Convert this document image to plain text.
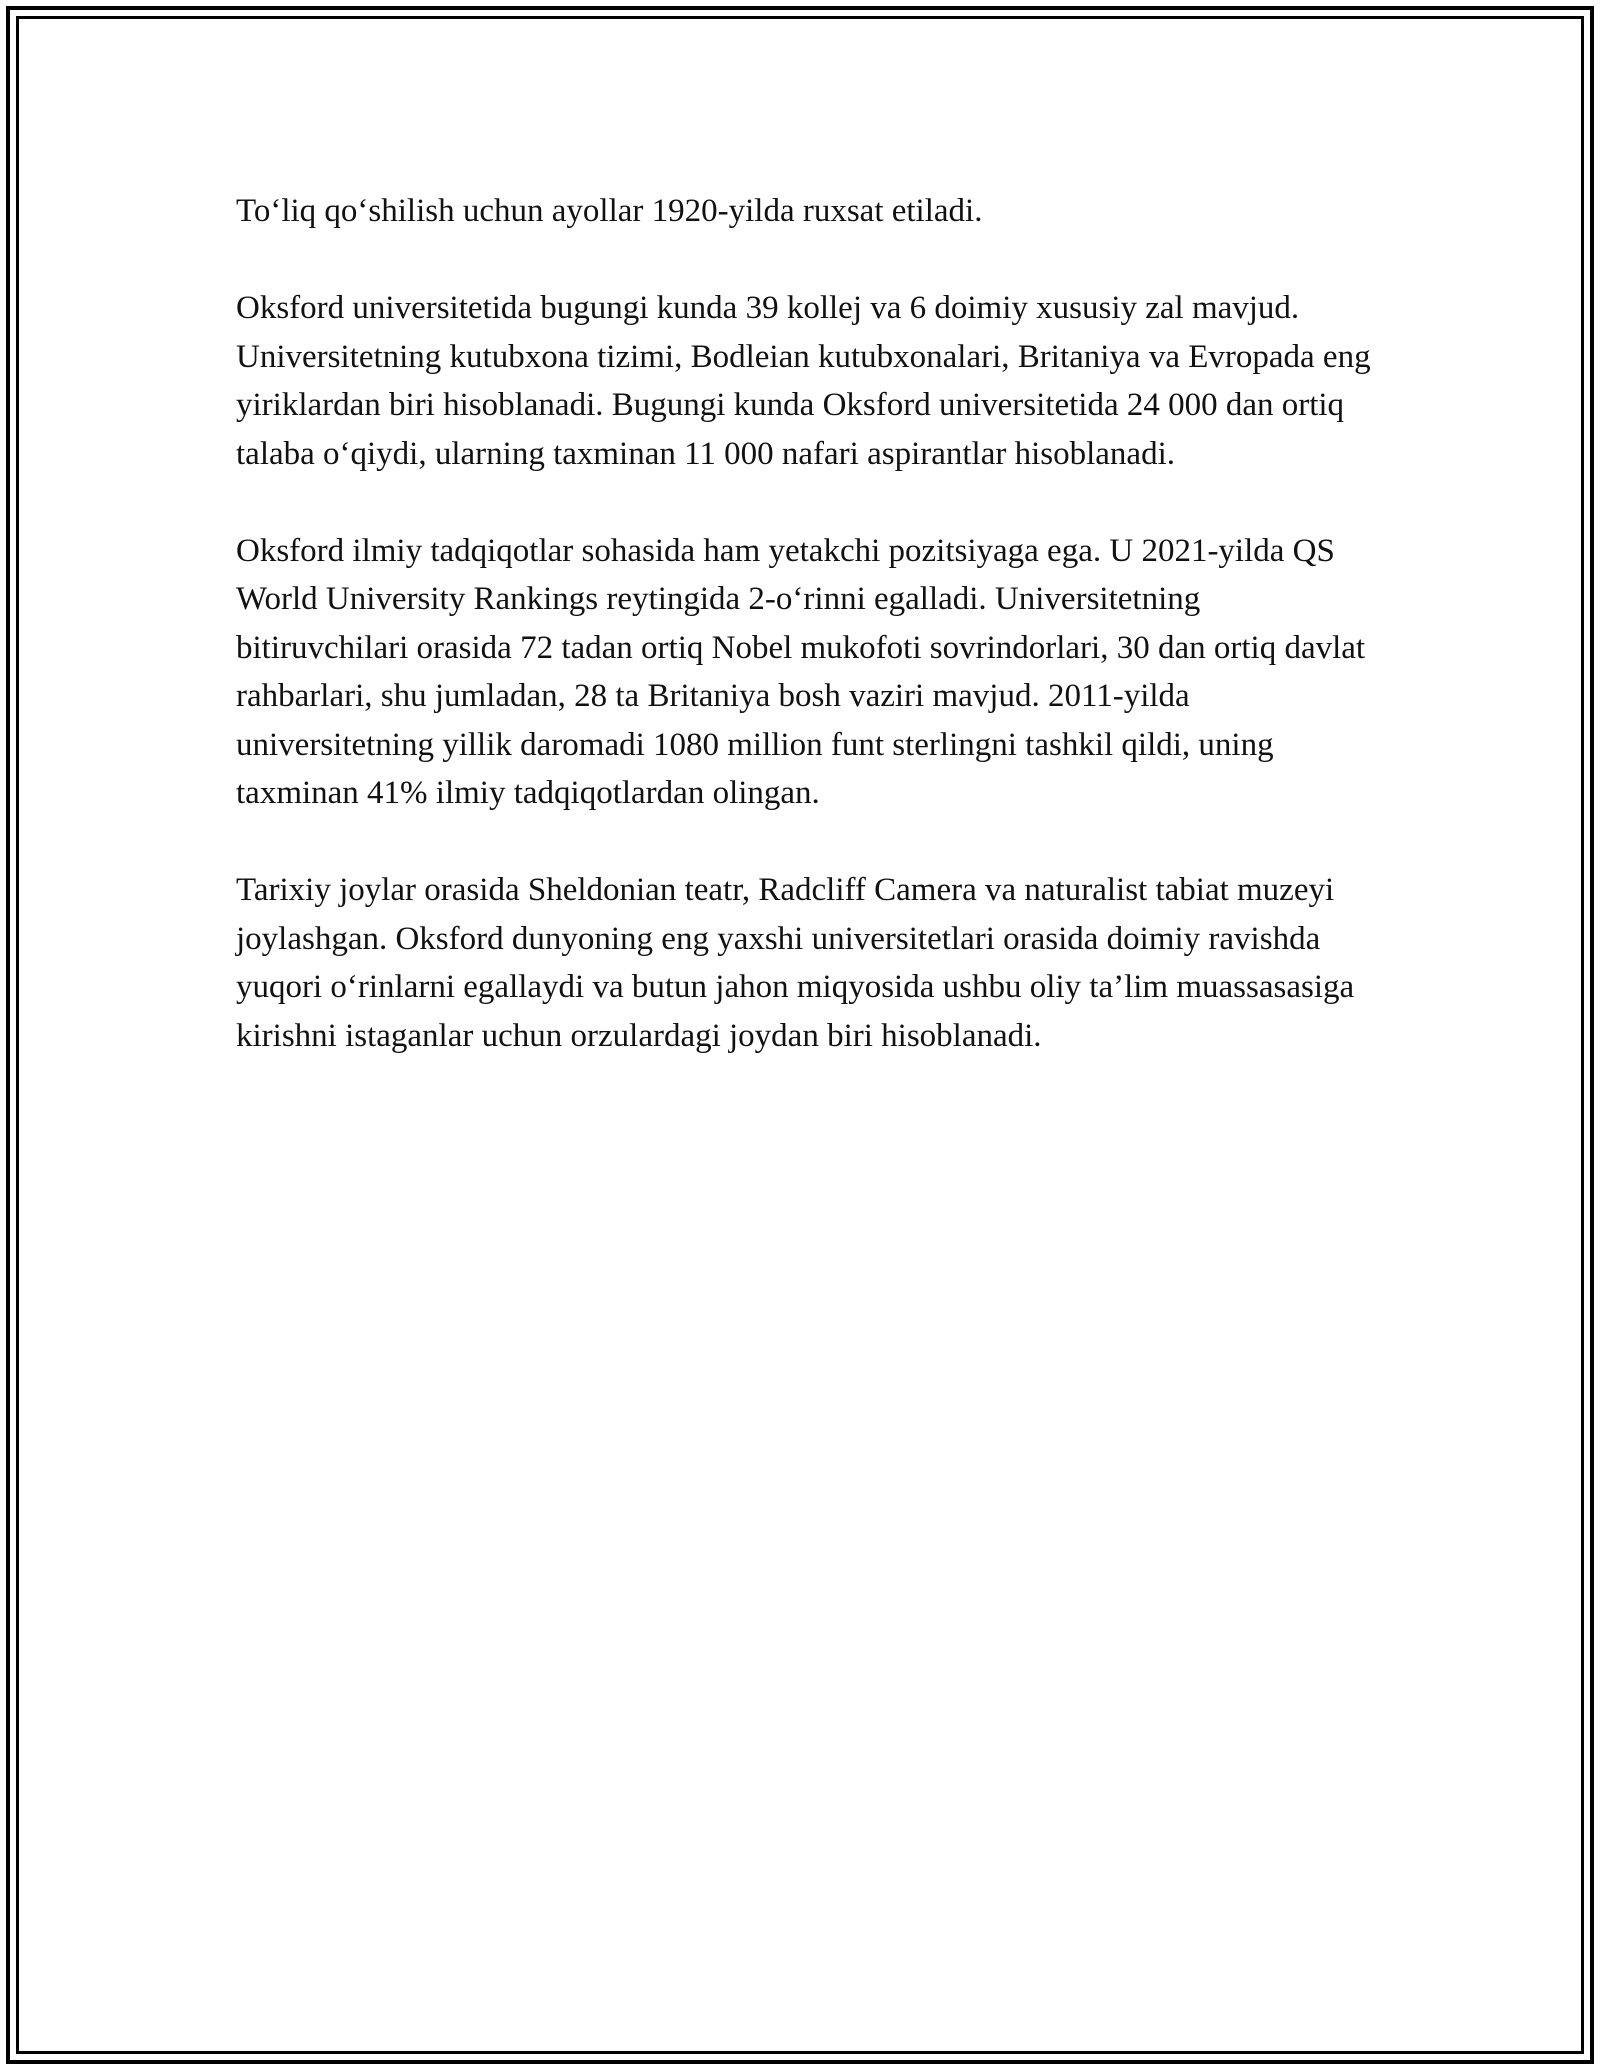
To‘liq qo‘shilish uchun ayollar 1920-yilda ruxsat etiladi.

Oksford universitetida bugungi kunda 39 kollej va 6 doimiy xususiy zal mavjud. Universitetning kutubxona tizimi, Bodleian kutubxonalari, Britaniya va Evropada eng yiriklardan biri hisoblanadi. Bugungi kunda Oksford universitetida 24 000 dan ortiq talaba o‘qiydi, ularning taxminan 11 000 nafari aspirantlar hisoblanadi.

Oksford ilmiy tadqiqotlar sohasida ham yetakchi pozitsiyaga ega. U 2021-yilda QS World University Rankings reytingida 2-o‘rinni egalladi. Universitetning bitiruvchilari orasida 72 tadan ortiq Nobel mukofoti sovrindorlari, 30 dan ortiq davlat rahbarlari, shu jumladan, 28 ta Britaniya bosh vaziri mavjud. 2011-yilda universitetning yillik daromadi 1080 million funt sterlingni tashkil qildi, uning taxminan 41% ilmiy tadqiqotlardan olingan.

Tarixiy joylar orasida Sheldonian teatr, Radcliff Camera va naturalist tabiat muzeyi joylashgan. Oksford dunyoning eng yaxshi universitetlari orasida doimiy ravishda yuqori o‘rinlarni egallaydi va butun jahon miqyosida ushbu oliy ta’lim muassasasiga kirishni istaganlar uchun orzulardagi joydan biri hisoblanadi.
